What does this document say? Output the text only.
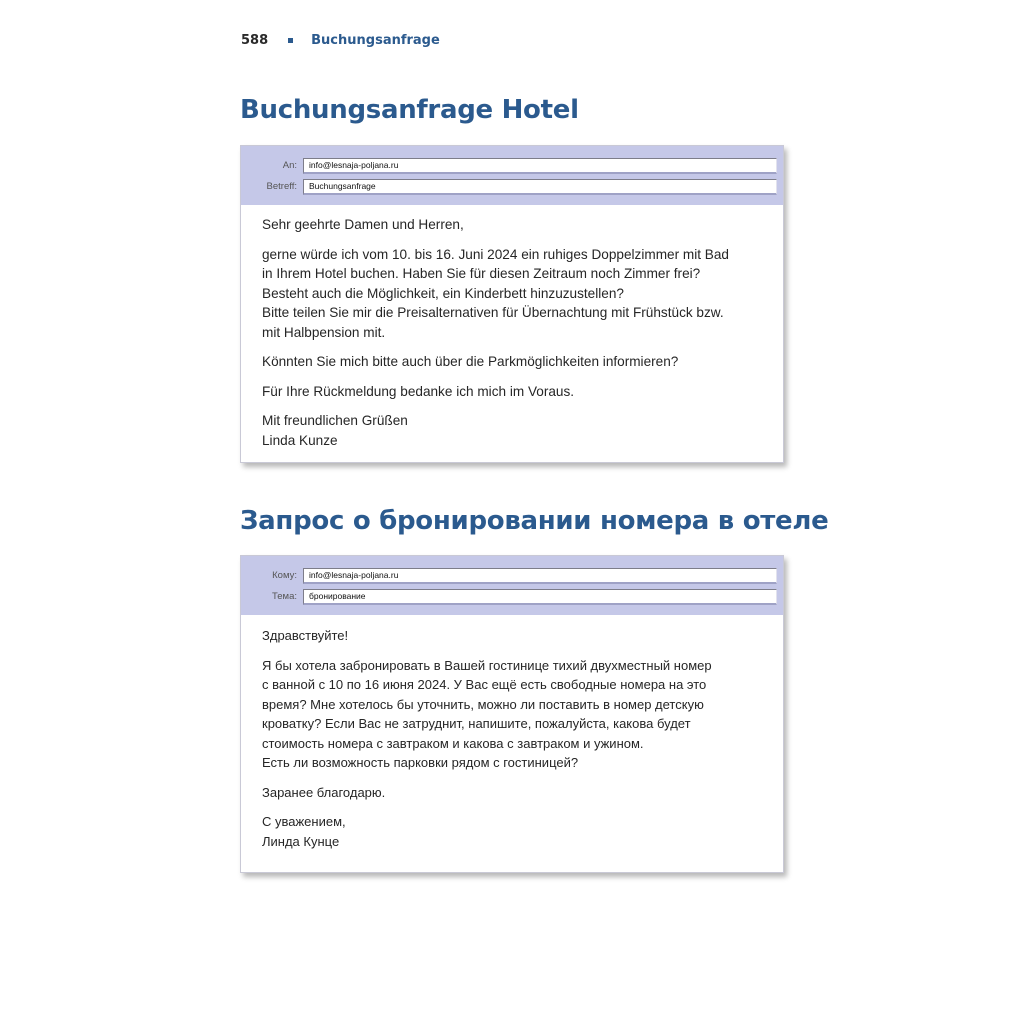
588	Buchungsanfrage
Buchungsanfrage Hotel
An:	info@lesnaja-poljana.ru
Betreff:	Buchungsanfrage

Sehr geehrte Damen und Herren,

gerne würde ich vom 10. bis 16. Juni 2024 ein ruhiges Doppelzimmer mit Bad
in Ihrem Hotel buchen. Haben Sie für diesen Zeitraum noch Zimmer frei?
Besteht auch die Möglichkeit, ein Kinderbett hinzuzustellen?
Bitte teilen Sie mir die Preisalternativen für Übernachtung mit Frühstück bzw.
mit Halbpension mit.

Könnten Sie mich bitte auch über die Parkmöglichkeiten informieren?

Für Ihre Rückmeldung bedanke ich mich im Voraus.

Mit freundlichen Grüßen
Linda Kunze

Запрос о бронировании номера в отеле
Кому:	info@lesnaja-poljana.ru
Тема:	бронирование

Здравствуйте!

Я бы хотела забронировать в Вашей гостинице тихий двухместный номер
с ванной с 10 по 16 июня 2024. У Вас ещё есть свободные номера на это
время? Мне хотелось бы уточнить, можно ли поставить в номер детскую
кроватку? Если Вас не затруднит, напишите, пожалуйста, какова будет
стоимость номера с завтраком и какова с завтраком и ужином.
Есть ли возможность парковки рядом с гостиницей?

Заранее благодарю.

С уважением,
Линда Кунце
